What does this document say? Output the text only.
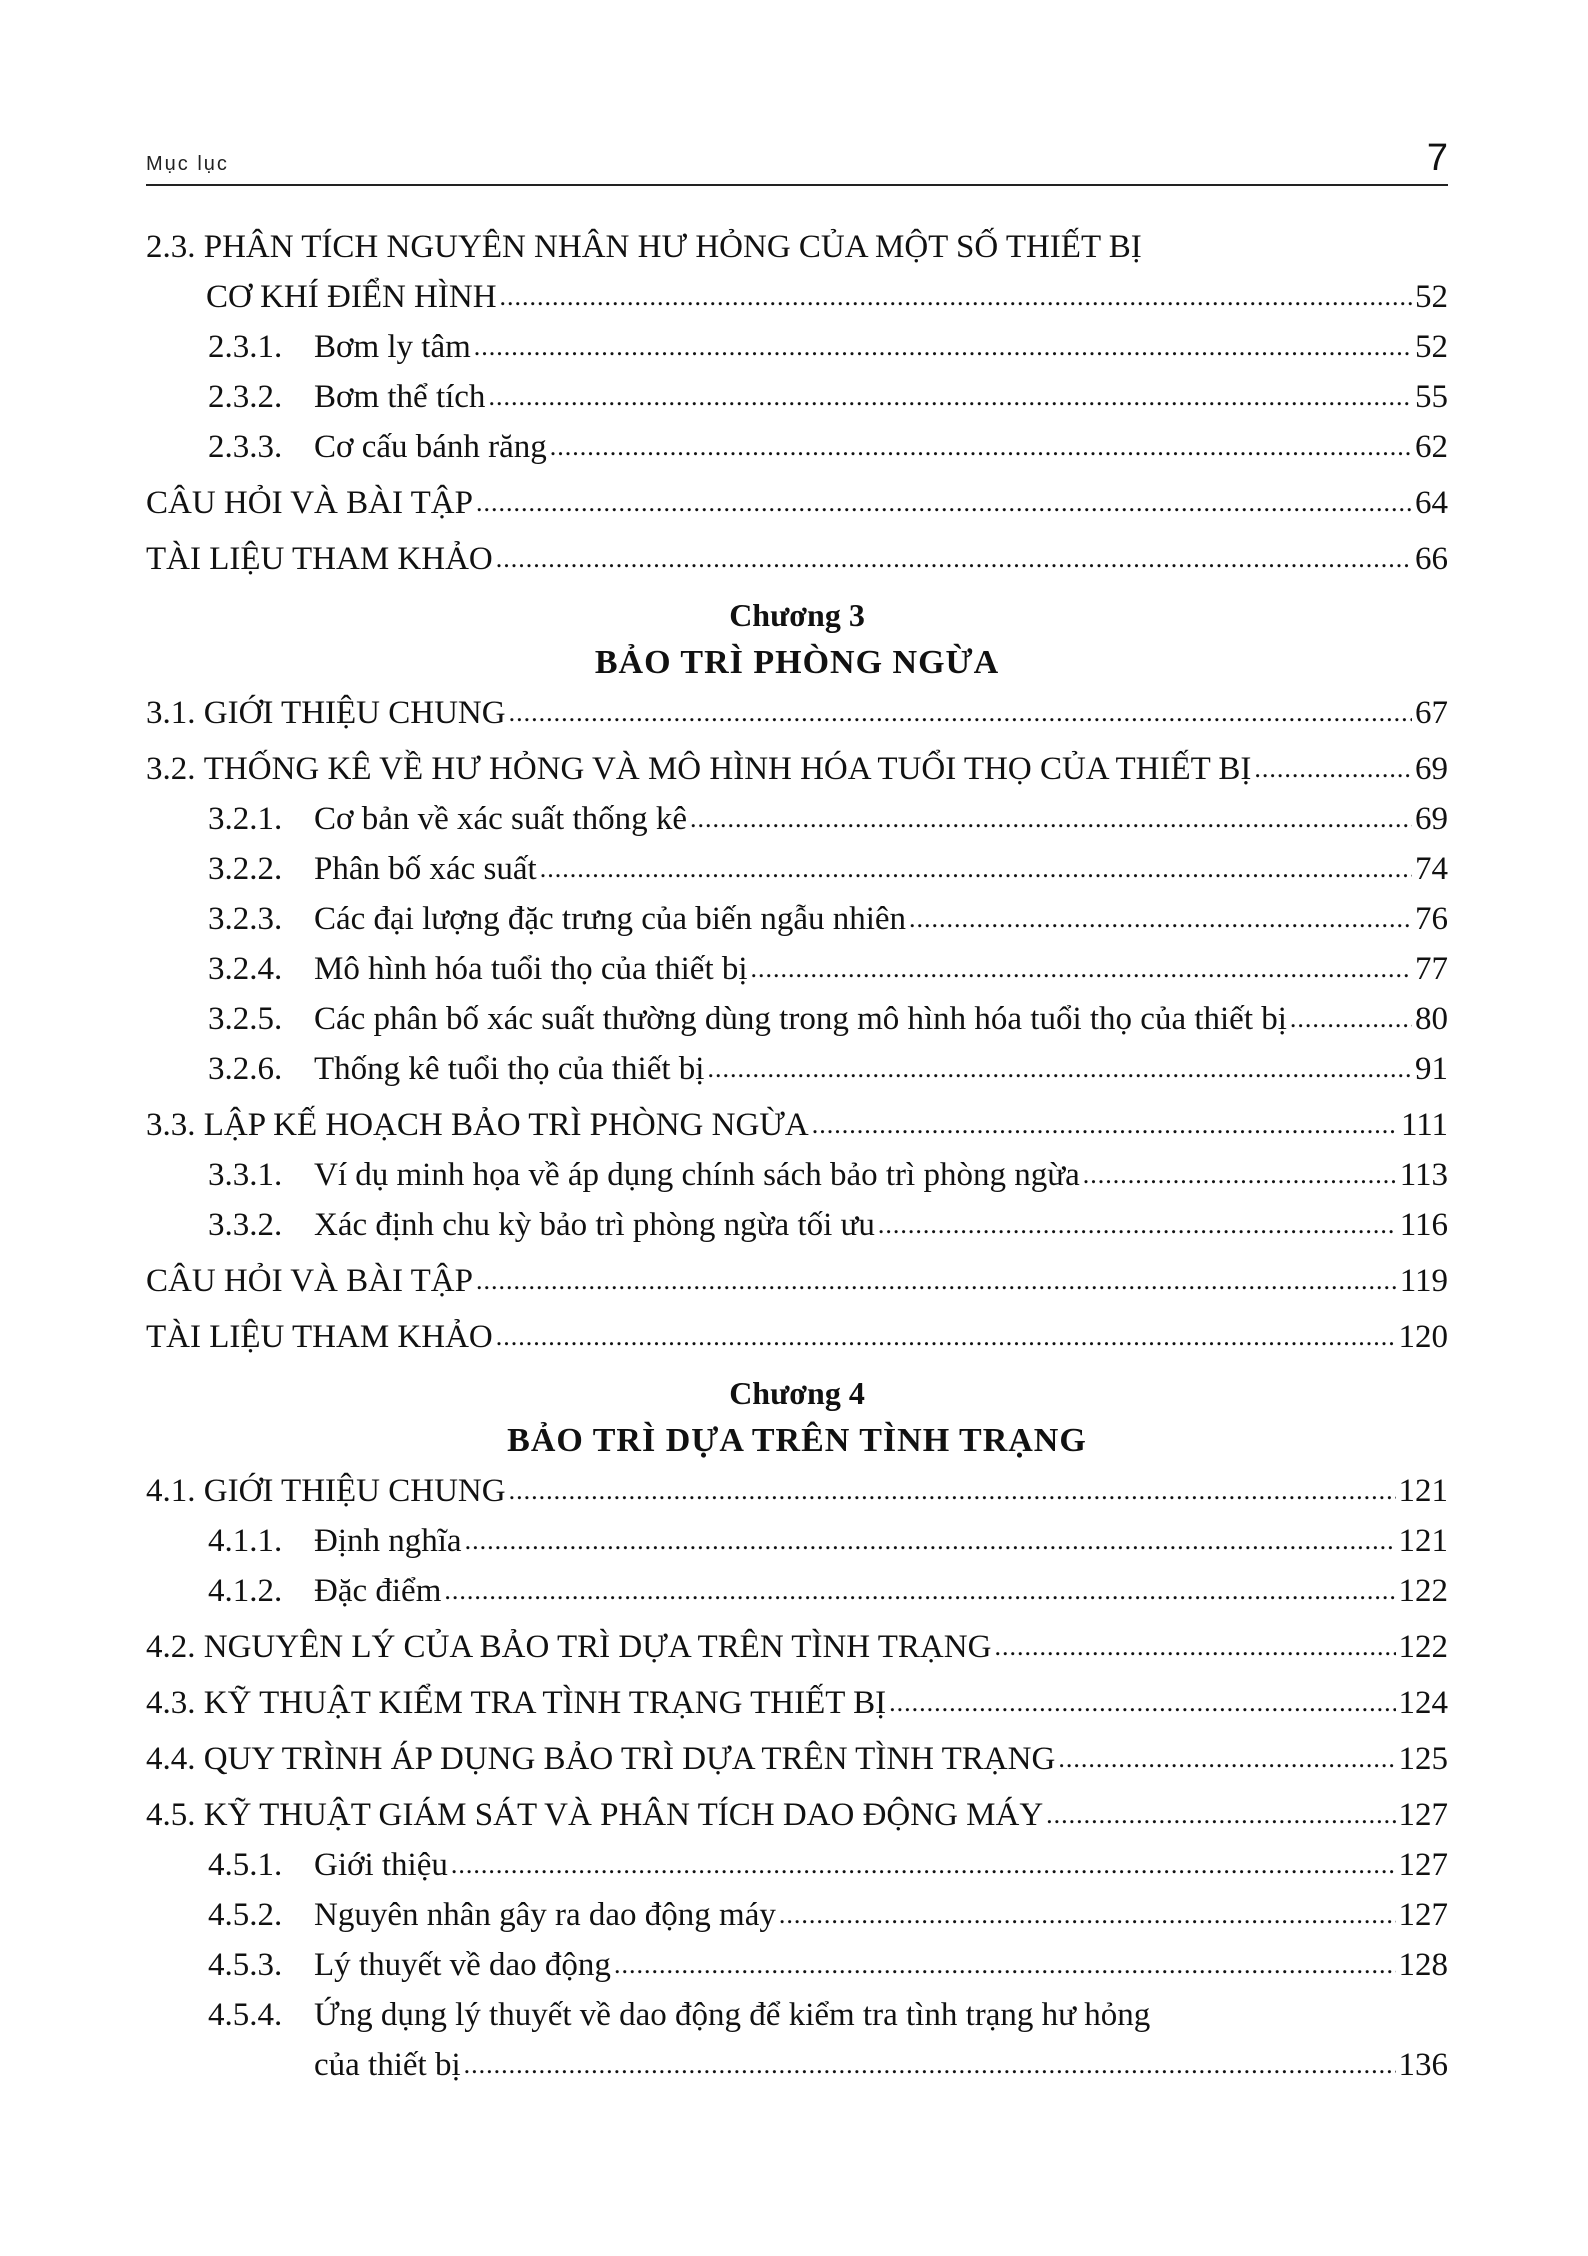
Mục lục	7
2.3. PHÂN TÍCH NGUYÊN NHÂN HƯ HỎNG CỦA MỘT SỐ THIẾT BỊ
CƠ KHÍ ĐIỂN HÌNH .....	52
2.3.1. Bơm ly tâm .....	52
2.3.2. Bơm thể tích .....	55
2.3.3. Cơ cấu bánh răng .....	62
CÂU HỎI VÀ BÀI TẬP .....	64
TÀI LIỆU THAM KHẢO .....	66
Chương 3
BẢO TRÌ PHÒNG NGỪA
3.1.
GIỚI THIỆU CHUNG .....	67
3.2.
THỐNG KÊ VỀ HƯ HỎNG VÀ MÔ HÌNH HÓA TUỔI THỌ CỦA THIẾT BỊ .....	69
3.2.1. Cơ bản về xác suất thống kê .....	69
3.2.2. Phân bố xác suất .....	74
3.2.3. Các đại lượng đặc trưng của biến ngẫu nhiên .....	76
3.2.4. Mô hình hóa tuổi thọ của thiết bị .....	77
3.2.5. Các phân bố xác suất thường dùng trong mô hình hóa tuổi thọ của thiết bị .....	80
3.2.6. Thống kê tuổi thọ của thiết bị .....	91
3.3.
LẬP KẾ HOẠCH BẢO TRÌ PHÒNG NGỪA .....	111
3.3.1. Ví dụ minh họa về áp dụng chính sách bảo trì phòng ngừa .....	113
3.3.2. Xác định chu kỳ bảo trì phòng ngừa tối ưu .....	116
CÂU HỎI VÀ BÀI TẬP .....	119
TÀI LIỆU THAM KHẢO .....	120
Chương 4
BẢO TRÌ DỰA TRÊN TÌNH TRẠNG
4.1.
GIỚI THIỆU CHUNG .....	121
4.1.1. Định nghĩa .....	121
4.1.2. Đặc điểm .....	122
4.2.
NGUYÊN LÝ CỦA BẢO TRÌ DỰA TRÊN TÌNH TRẠNG .....	122
4.3.
KỸ THUẬT KIỂM TRA TÌNH TRẠNG THIẾT BỊ .....	124
4.4.
QUY TRÌNH ÁP DỤNG BẢO TRÌ DỰA TRÊN TÌNH TRẠNG .....	125
4.5.
KỸ THUẬT GIÁM SÁT VÀ PHÂN TÍCH DAO ĐỘNG MÁY .....	127
4.5.1. Giới thiệu .....	127
4.5.2. Nguyên nhân gây ra dao động máy .....	127
4.5.3. Lý thuyết về dao động .....	128
4.5.4. Ứng dụng lý thuyết về dao động để kiểm tra tình trạng hư hỏng
của thiết bị .....	136
